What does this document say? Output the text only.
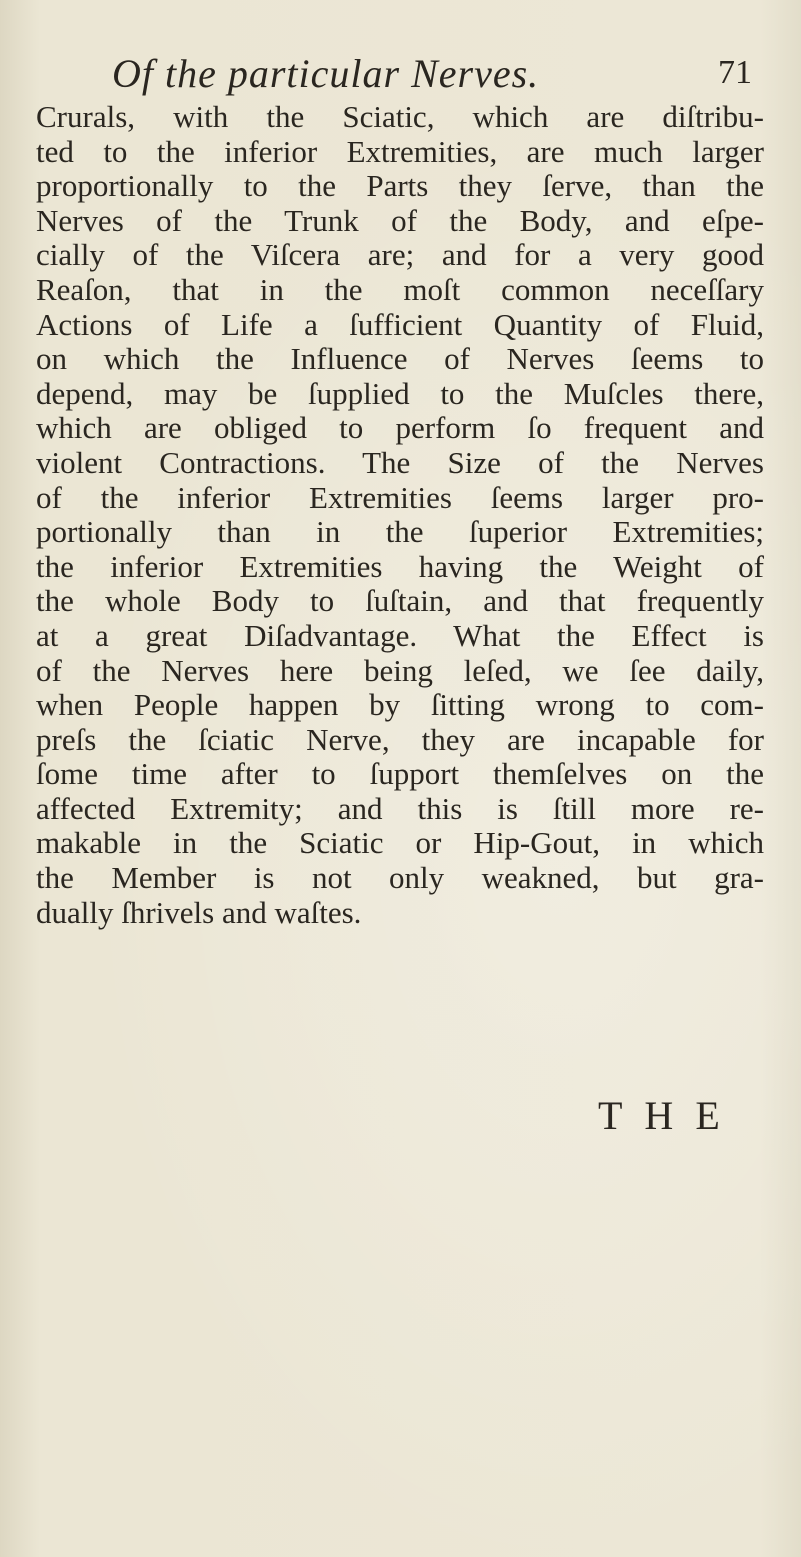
Of the particular Nerves.	71
Crurals, with the Sciatic, which are diſtribu-
ted to the inferior Extremities, are much larger
proportionally to the Parts they ſerve, than the
Nerves of the Trunk of the Body, and eſpe-
cially of the Viſcera are; and for a very good
Reaſon, that in the moſt common neceſſary
Actions of Life a ſufficient Quantity of Fluid,
on which the Influence of Nerves ſeems to
depend, may be ſupplied to the Muſcles there,
which are obliged to perform ſo frequent and
violent Contractions. The Size of the Nerves
of the inferior Extremities ſeems larger pro-
portionally than in the ſuperior Extremities;
the inferior Extremities having the Weight of
the whole Body to ſuſtain, and that frequently
at a great Diſadvantage. What the Effect is
of the Nerves here being leſed, we ſee daily,
when People happen by ſitting wrong to com-
preſs the ſciatic Nerve, they are incapable for
ſome time after to ſupport themſelves on the
affected Extremity; and this is ſtill more re-
makable in the Sciatic or Hip-Gout, in which
the Member is not only weakned, but gra-
dually ſhrivels and waſtes.
THE
